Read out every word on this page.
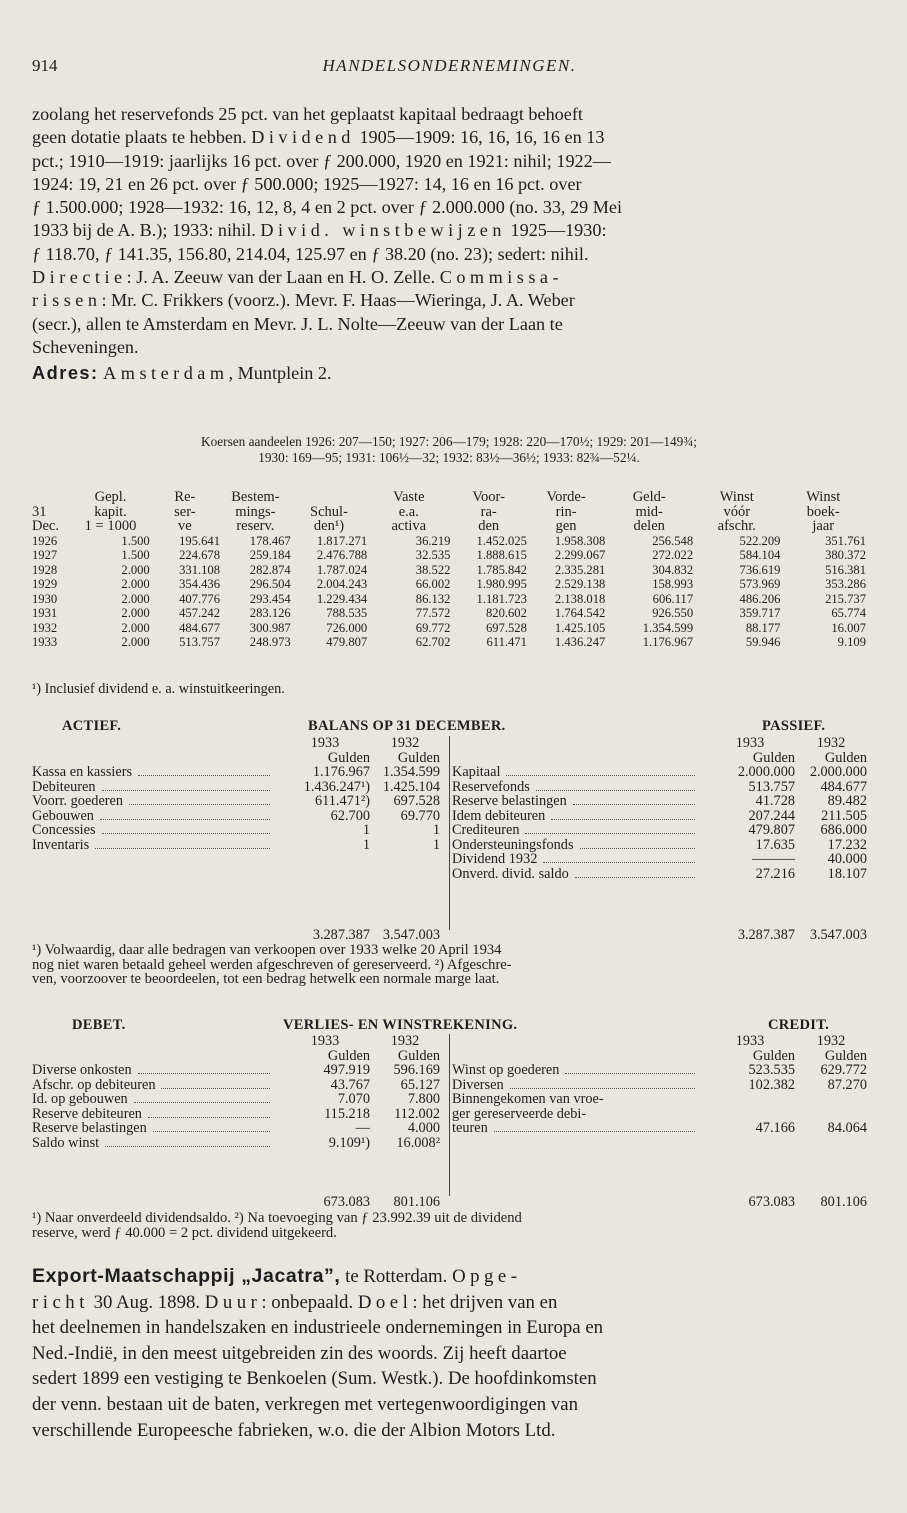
914	HANDELSONDERNEMINGEN.

zoolang het reservefonds 25 pct. van het geplaatst kapitaal bedraagt behoeft

geen dotatie plaats te hebben. Dividend 1905—1909: 16, 16, 16, 16 en 13

pct.; 1910—1919: jaarlijks 16 pct. over ƒ 200.000, 1920 en 1921: nihil; 1922—

1924: 19, 21 en 26 pct. over ƒ 500.000; 1925—1927: 14, 16 en 16 pct. over

ƒ 1.500.000; 1928—1932: 16, 12, 8, 4 en 2 pct. over ƒ 2.000.000 (no. 33, 29 Mei

1933 bij de A. B.); 1933: nihil. Divid. winstbewijzen 1925—1930:

ƒ 118.70, ƒ 141.35, 156.80, 214.04, 125.97 en ƒ 38.20 (no. 23); sedert: nihil.

Directie: J. A. Zeeuw van der Laan en H. O. Zelle. Commissa-

rissen: Mr. C. Frikkers (voorz.). Mevr. F. Haas—Wieringa, J. A. Weber

(secr.), allen te Amsterdam en Mevr. J. L. Nolte—Zeeuw van der Laan te

Scheveningen.

Adres: Amsterdam, Muntplein 2.

Koersen aandeelen 1926: 207—150; 1927: 206—179; 1928: 220—170½; 1929: 201—149¾;

1930: 169—95; 1931: 106½—32; 1932: 83½—36½; 1933: 82¾—52¼.

	Gepl.	Re-	Bestem-		Vaste	Voor-	Vorde-	Geld-	Winst	Winst
31	kapit.	ser-	mings-	Schul-	e.a.	ra-	rin-	mid-	vóór	boek-
Dec.	1 = 1000	ve	reserv.	den¹)	activa	den	gen	delen	afschr.	jaar
1926	1.500	195.641	178.467	1.817.271	36.219	1.452.025	1.958.308	256.548	522.209	351.761
1927	1.500	224.678	259.184	2.476.788	32.535	1.888.615	2.299.067	272.022	584.104	380.372
1928	2.000	331.108	282.874	1.787.024	38.522	1.785.842	2.335.281	304.832	736.619	516.381
1929	2.000	354.436	296.504	2.004.243	66.002	1.980.995	2.529.138	158.993	573.969	353.286
1930	2.000	407.776	293.454	1.229.434	86.132	1.181.723	2.138.018	606.117	486.206	215.737
1931	2.000	457.242	283.126	788.535	77.572	820.602	1.764.542	926.550	359.717	65.774
1932	2.000	484.677	300.987	726.000	69.772	697.528	1.425.105	1.354.599	88.177	16.007
1933	2.000	513.757	248.973	479.807	62.702	611.471	1.436.247	1.176.967	59.946	9.109
¹) Inclusief dividend e. a. winstuitkeeringen.
ACTIEF.	BALANS OP 31 DECEMBER.	PASSIEF.
	1933	1932
	Gulden	Gulden
Kassa en kassiers	1.176.967	1.354.599
Debiteuren	1.436.247¹)	1.425.104
Voorr. goederen	611.471²)	697.528
Gebouwen	62.700	69.770
Concessies	1	1
Inventaris	1	1
	1933	1932
	Gulden	Gulden
Kapitaal	2.000.000	2.000.000
Reservefonds	513.757	484.677
Reserve belastingen	41.728	89.482
Idem debiteuren	207.244	211.505
Crediteuren	479.807	686.000
Ondersteuningsfonds	17.635	17.232
Dividend 1932	———	40.000
Onverd. divid. saldo	27.216	18.107
	3.287.387	3.547.003
		3.287.387	3.547.003

¹) Volwaardig, daar alle bedragen van verkoopen over 1933 welke 20 April 1934

nog niet waren betaald geheel werden afgeschreven of gereserveerd. ²) Afgeschre-

ven, voorzoover te beoordeelen, tot een bedrag hetwelk een normale marge laat.

DEBET.	VERLIES- EN WINSTREKENING.	CREDIT.
	1933	1932
	Gulden	Gulden
Diverse onkosten	497.919	596.169
Afschr. op debiteuren	43.767	65.127
Id. op gebouwen	7.070	7.800
Reserve debiteuren	115.218	112.002
Reserve belastingen	—	4.000
Saldo winst	9.109¹)	16.008²
	1933	1932
	Gulden	Gulden
Winst op goederen	523.535	629.772
Diversen	102.382	87.270
Binnengekomen van vroe-		
ger gereserveerde debi-		
teuren	47.166	84.064
	673.083	801.106
		673.083	801.106

¹) Naar onverdeeld dividendsaldo. ²) Na toevoeging van ƒ 23.992.39 uit de dividend

reserve, werd ƒ 40.000 = 2 pct. dividend uitgekeerd.

Export-Maatschappij „Jacatra”, te Rotterdam. Opge-

richt 30 Aug. 1898. Duur: onbepaald. Doel: het drijven van en

het deelnemen in handelszaken en industrieele ondernemingen in Europa en

Ned.-Indië, in den meest uitgebreiden zin des woords. Zij heeft daartoe

sedert 1899 een vestiging te Benkoelen (Sum. Westk.). De hoofdinkomsten

der venn. bestaan uit de baten, verkregen met vertegenwoordigingen van

verschillende Europeesche fabrieken, w.o. die der Albion Motors Ltd.
